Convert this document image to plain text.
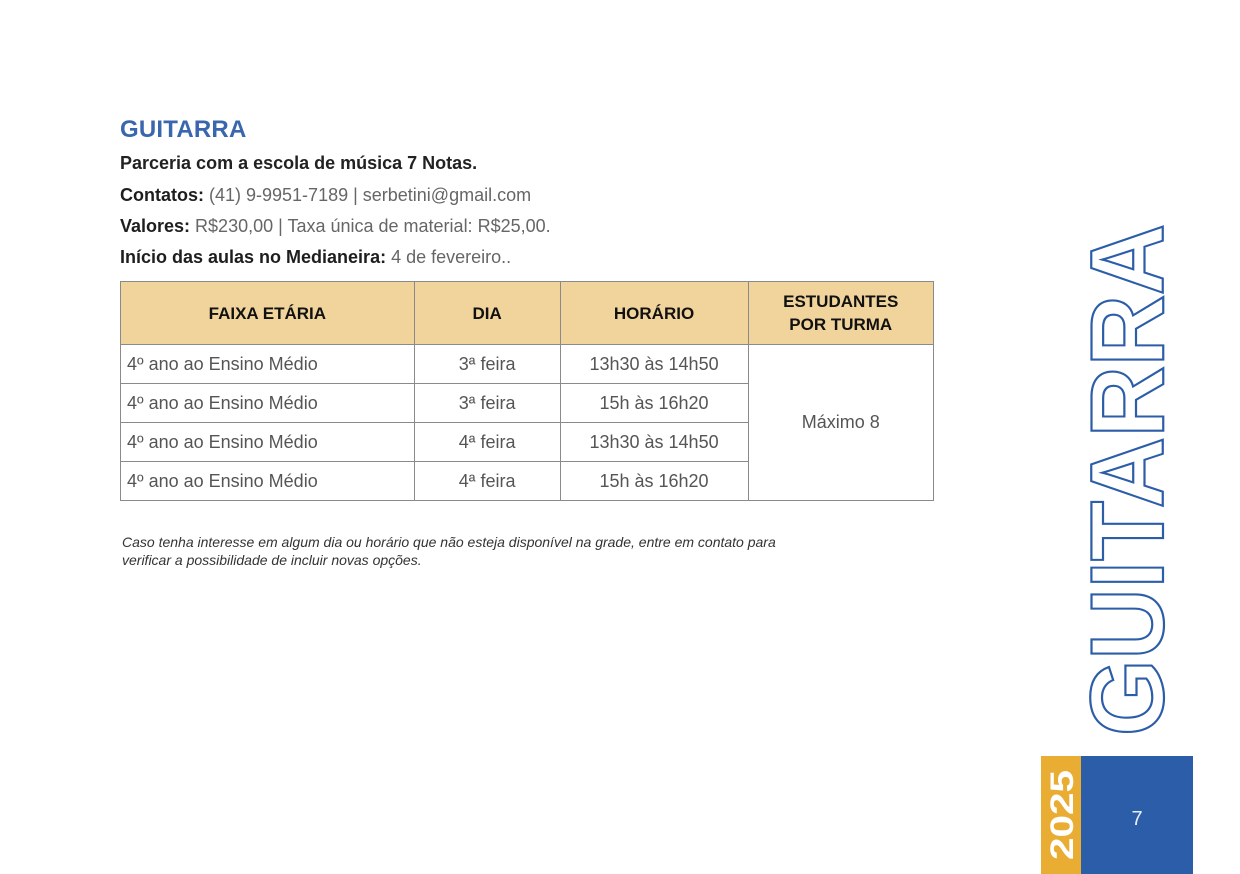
GUITARRA
Parceria com a escola de música 7 Notas.
Contatos: (41) 9-9951-7189 | serbetini@gmail.com
Valores: R$230,00 | Taxa única de material: R$25,00.
Início das aulas no Medianeira: 4 de fevereiro..
FAIXA ETÁRIA	DIA	HORÁRIO	ESTUDANTES POR TURMA
4º ano ao Ensino Médio	3ª feira	13h30 às 14h50	Máximo 8
4º ano ao Ensino Médio	3ª feira	15h às 16h20	
4º ano ao Ensino Médio	4ª feira	13h30 às 14h50	
4º ano ao Ensino Médio	4ª feira	15h às 16h20	
Caso tenha interesse em algum dia ou horário que não esteja disponível na grade, entre em contato para verificar a possibilidade de incluir novas opções.	GUITARRA
2025	7
